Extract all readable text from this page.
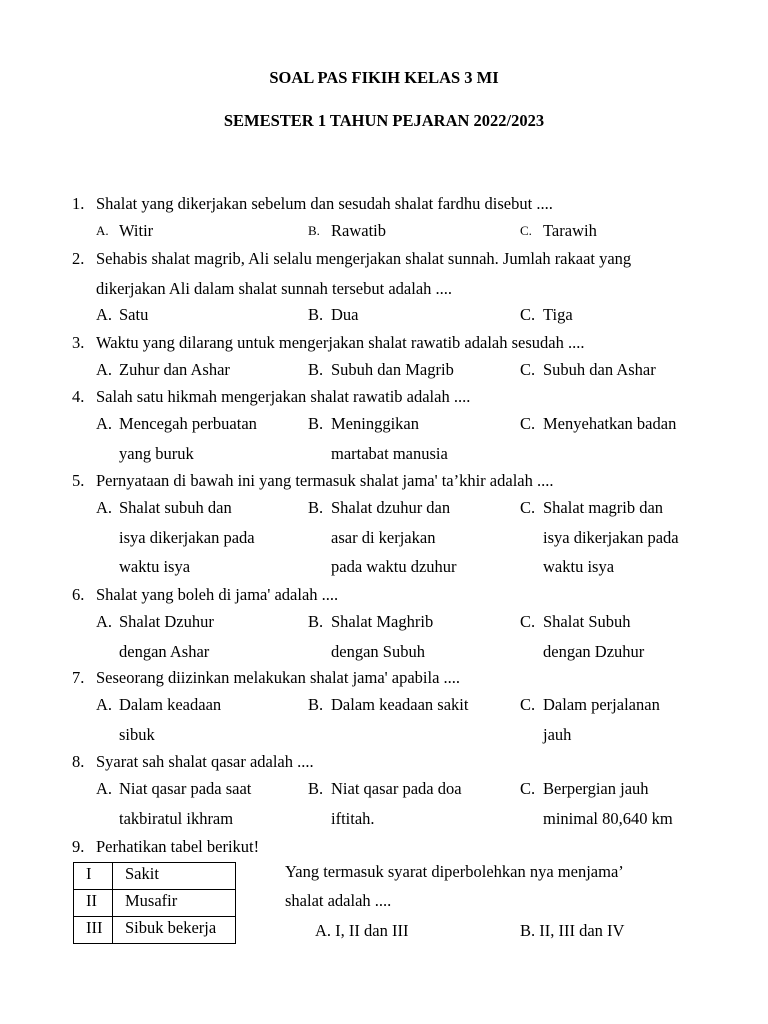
SOAL PAS FIKIH KELAS 3 MI
SEMESTER 1 TAHUN PEJARAN 2022/2023
1. Shalat yang dikerjakan sebelum dan sesudah shalat fardhu disebut ....
A. Witir	B. Rawatib	C. Tarawih
2. Sehabis shalat magrib, Ali selalu mengerjakan shalat sunnah. Jumlah rakaat yang
dikerjakan Ali dalam shalat sunnah tersebut adalah ....
A. Satu	B. Dua	C. Tiga
3. Waktu yang dilarang untuk mengerjakan shalat rawatib adalah sesudah ....
A. Zuhur dan Ashar	B. Subuh dan Magrib	C. Subuh dan Ashar
4. Salah satu hikmah mengerjakan shalat rawatib adalah ....
A. Mencegah perbuatan
yang buruk
B. Meninggikan
martabat manusia
C. Menyehatkan badan
5. Pernyataan di bawah ini yang termasuk shalat jama' ta’khir adalah ....
A. Shalat subuh dan
isya dikerjakan pada
waktu isya
B. Shalat dzuhur dan
asar di kerjakan
pada waktu dzuhur
C. Shalat magrib dan
isya dikerjakan pada
waktu isya
6. Shalat yang boleh di jama' adalah ....
A. Shalat Dzuhur
dengan Ashar
B. Shalat Maghrib
dengan Subuh
C. Shalat Subuh
dengan Dzuhur
7. Seseorang diizinkan melakukan shalat jama' apabila ....
A. Dalam keadaan
sibuk
B. Dalam keadaan sakit	C. Dalam perjalanan
jauh
8. Syarat sah shalat qasar adalah ....
A. Niat qasar pada saat
takbiratul ikhram
B. Niat qasar pada doa
iftitah.
C. Berpergian jauh
minimal 80,640 km
9. Perhatikan tabel berikut!
I	Sakit
II	Musafir
III	Sibuk bekerja
Yang termasuk syarat diperbolehkan nya menjama’
shalat adalah ....
A. I, II dan III	B. II, III dan IV
